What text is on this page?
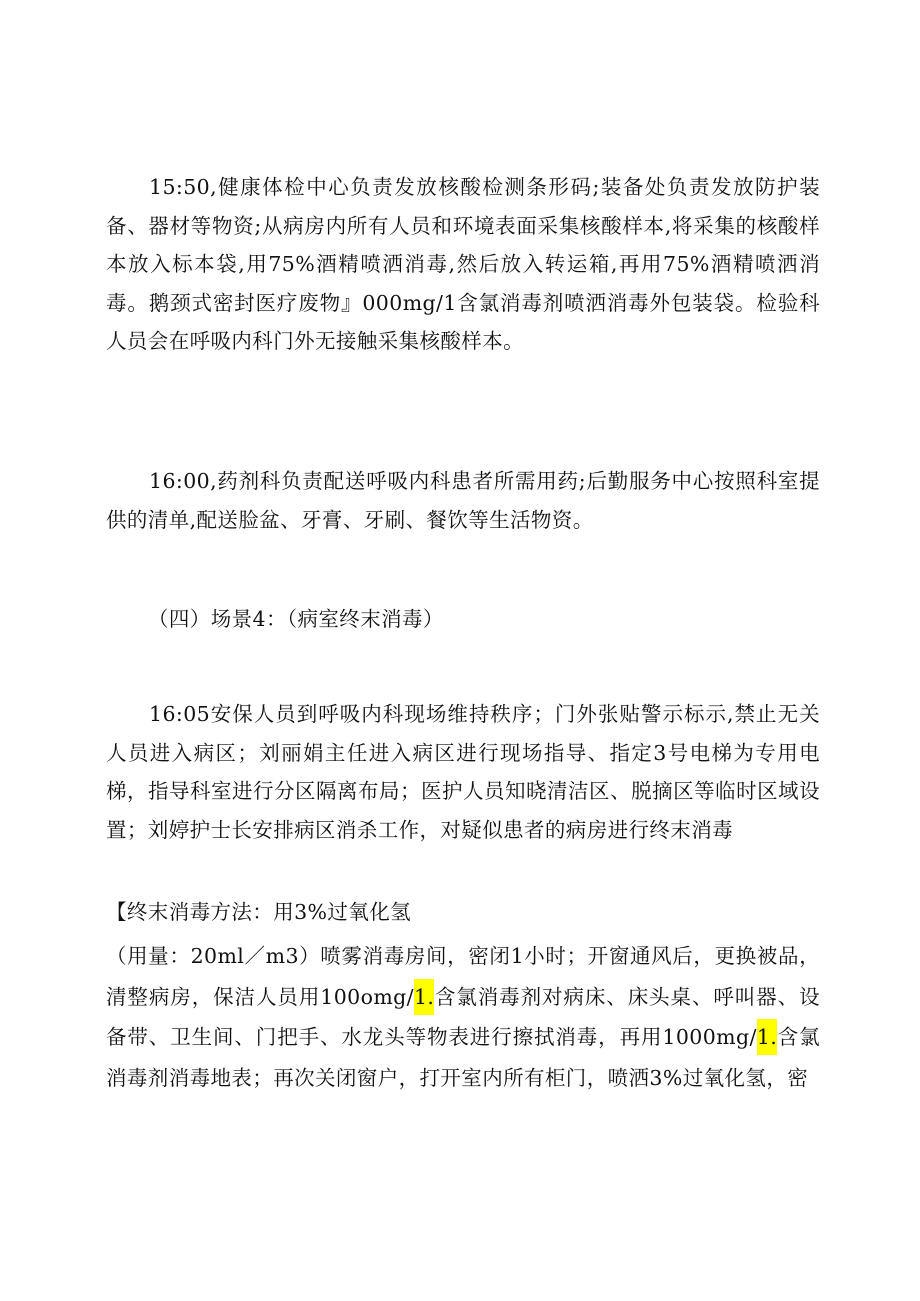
15:50,健康体检中心负责发放核酸检测条形码;装备处负责发放防护装备、器材等物资;从病房内所有人员和环境表面采集核酸样本,将采集的核酸样本放入标本袋,用75%酒精喷洒消毒,然后放入转运箱,再用75%酒精喷洒消毒。鹅颈式密封医疗废物』000mg/1含氯消毒剂喷洒消毒外包装袋。检验科人员会在呼吸内科门外无接触采集核酸样本。

16:00,药剂科负责配送呼吸内科患者所需用药;后勤服务中心按照科室提供的清单,配送脸盆、牙膏、牙刷、餐饮等生活物资。

（四）场景4：（病室终末消毒）

16:05安保人员到呼吸内科现场维持秩序；门外张贴警示标示,禁止无关人员进入病区；刘丽娟主任进入病区进行现场指导、指定3号电梯为专用电梯，指导科室进行分区隔离布局；医护人员知晓清洁区、脱摘区等临时区域设置；刘婷护士长安排病区消杀工作，对疑似患者的病房进行终末消毒

【终末消毒方法：用3%过氧化氢

（用量：20ml／m3）喷雾消毒房间，密闭1小时；开窗通风后，更换被品，清整病房，保洁人员用100omg/1.含氯消毒剂对病床、床头桌、呼叫器、设备带、卫生间、门把手、水龙头等物表进行擦拭消毒，再用1000mg/1.含氯消毒剂消毒地表；再次关闭窗户，打开室内所有柜门，喷洒3%过氧化氢，密
